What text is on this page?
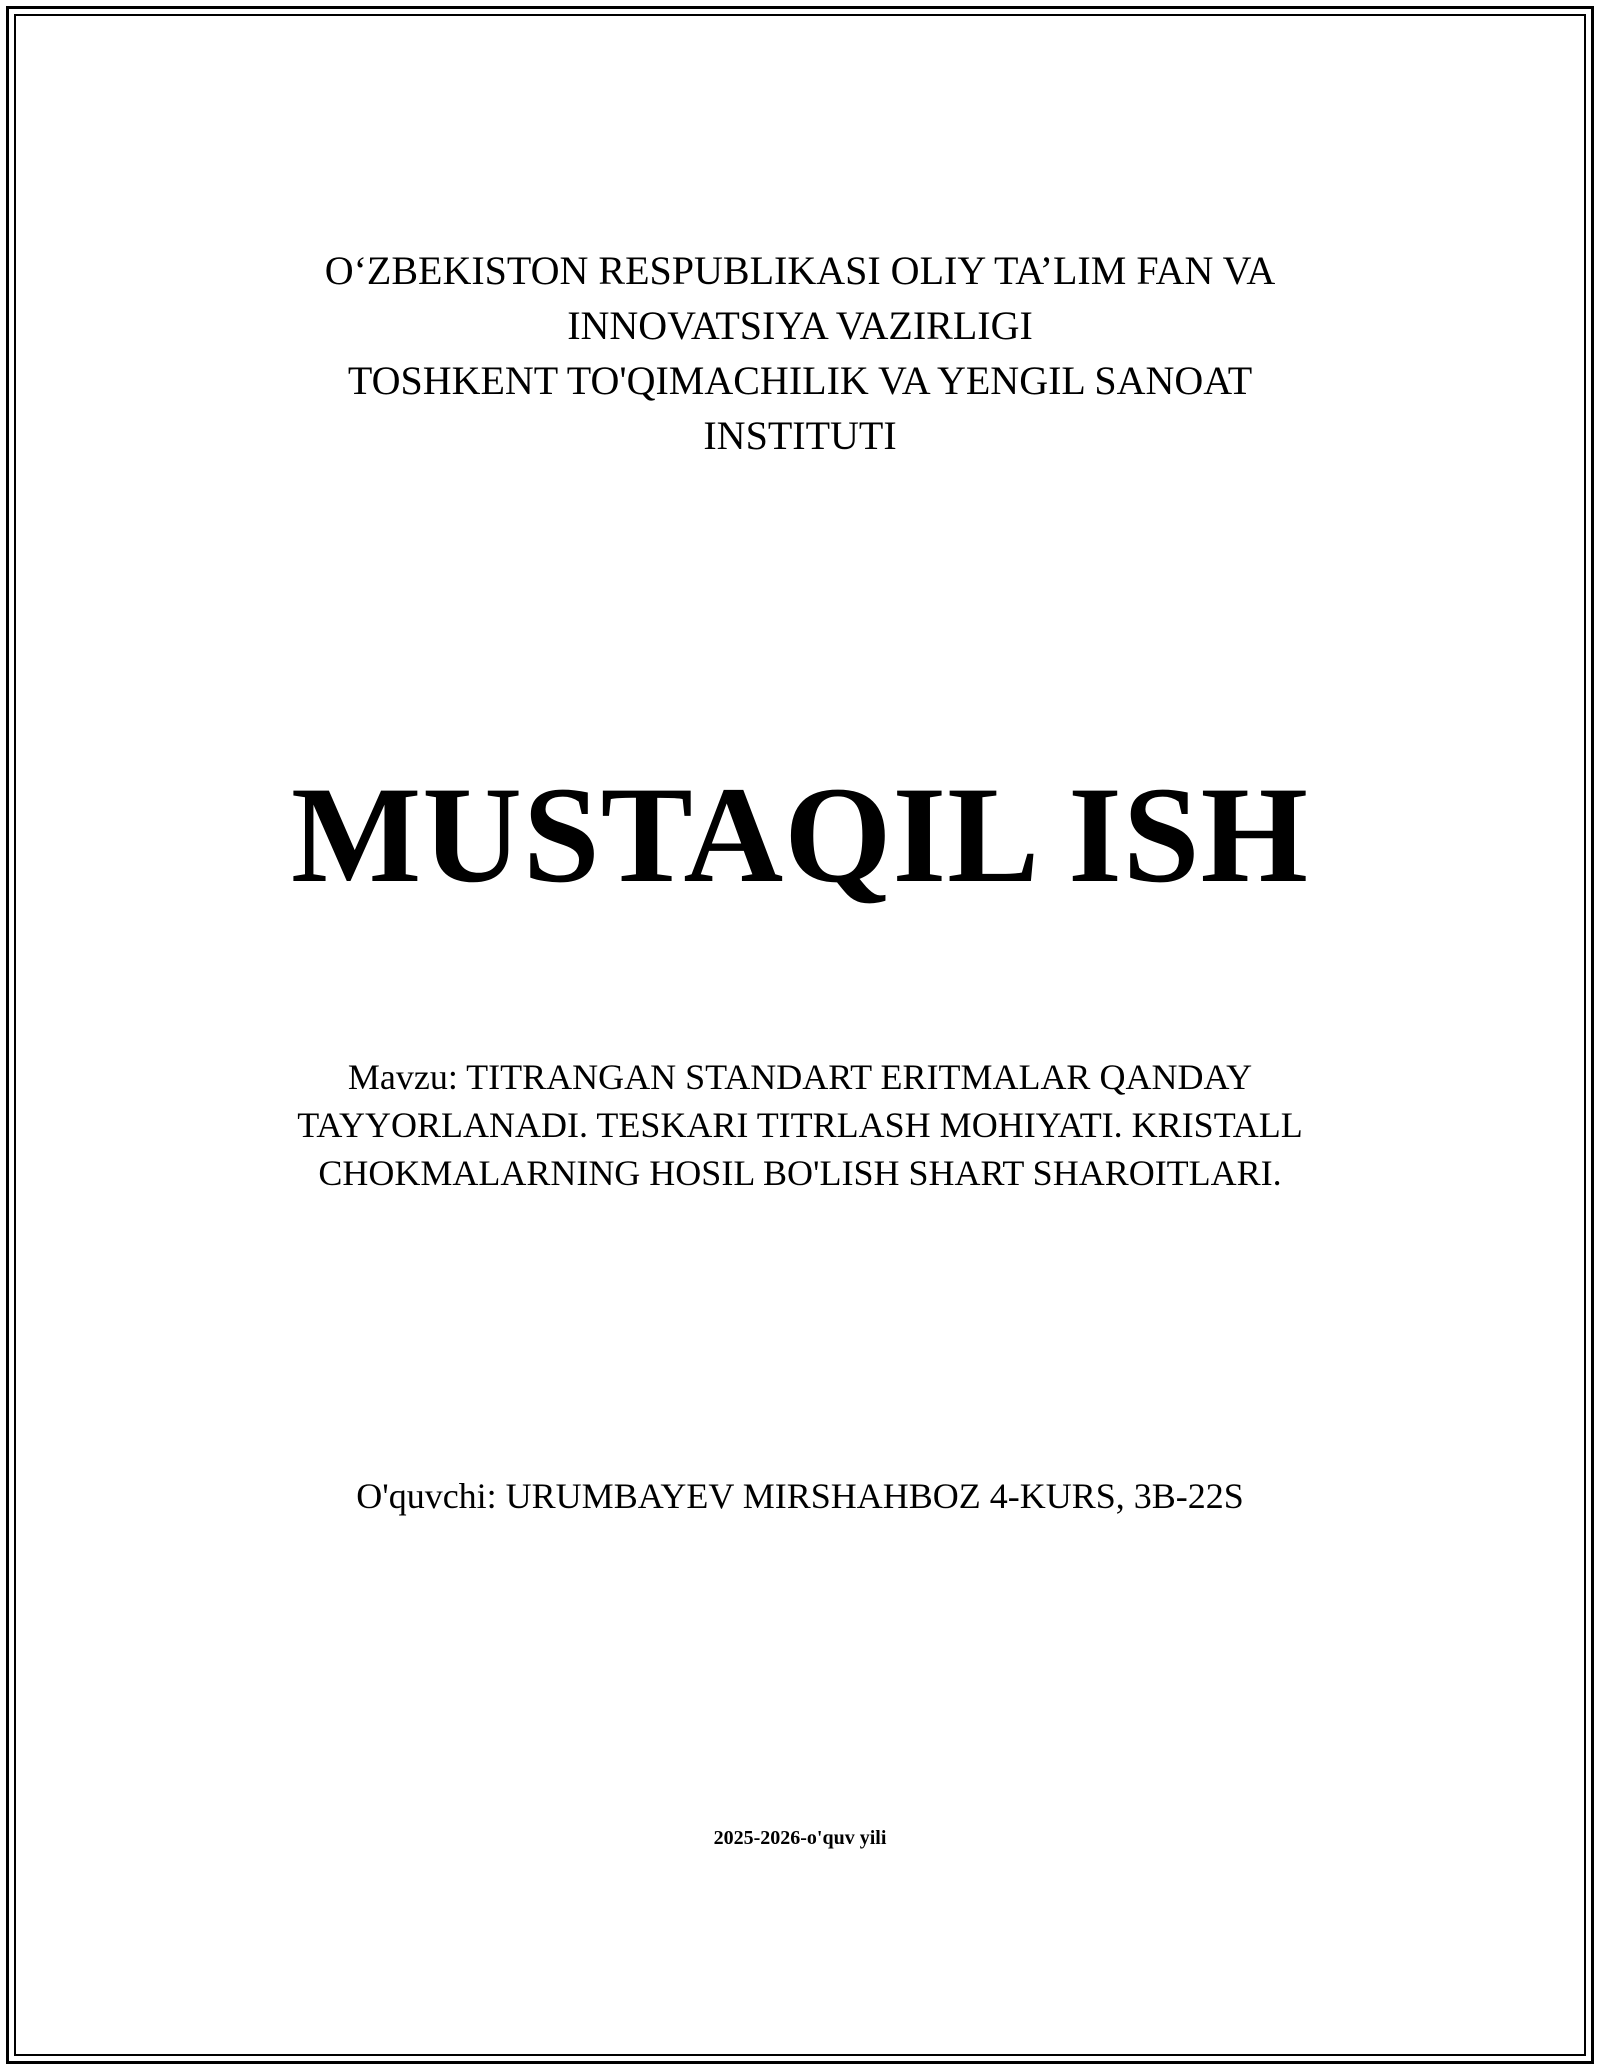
O‘ZBEKISTON RESPUBLIKASI OLIY TA’LIM FAN VA
INNOVATSIYA VAZIRLIGI
TOSHKENT TO'QIMACHILIK VA YENGIL SANOAT
INSTITUTI
MUSTAQIL ISH
Mavzu: TITRANGAN STANDART ERITMALAR QANDAY
TAYYORLANADI. TESKARI TITRLASH MOHIYATI. KRISTALL
CHOKMALARNING HOSIL BO'LISH SHART SHAROITLARI.
O'quvchi: URUMBAYEV MIRSHAHBOZ 4-KURS, 3B-22S
2025-2026-o'quv yili
